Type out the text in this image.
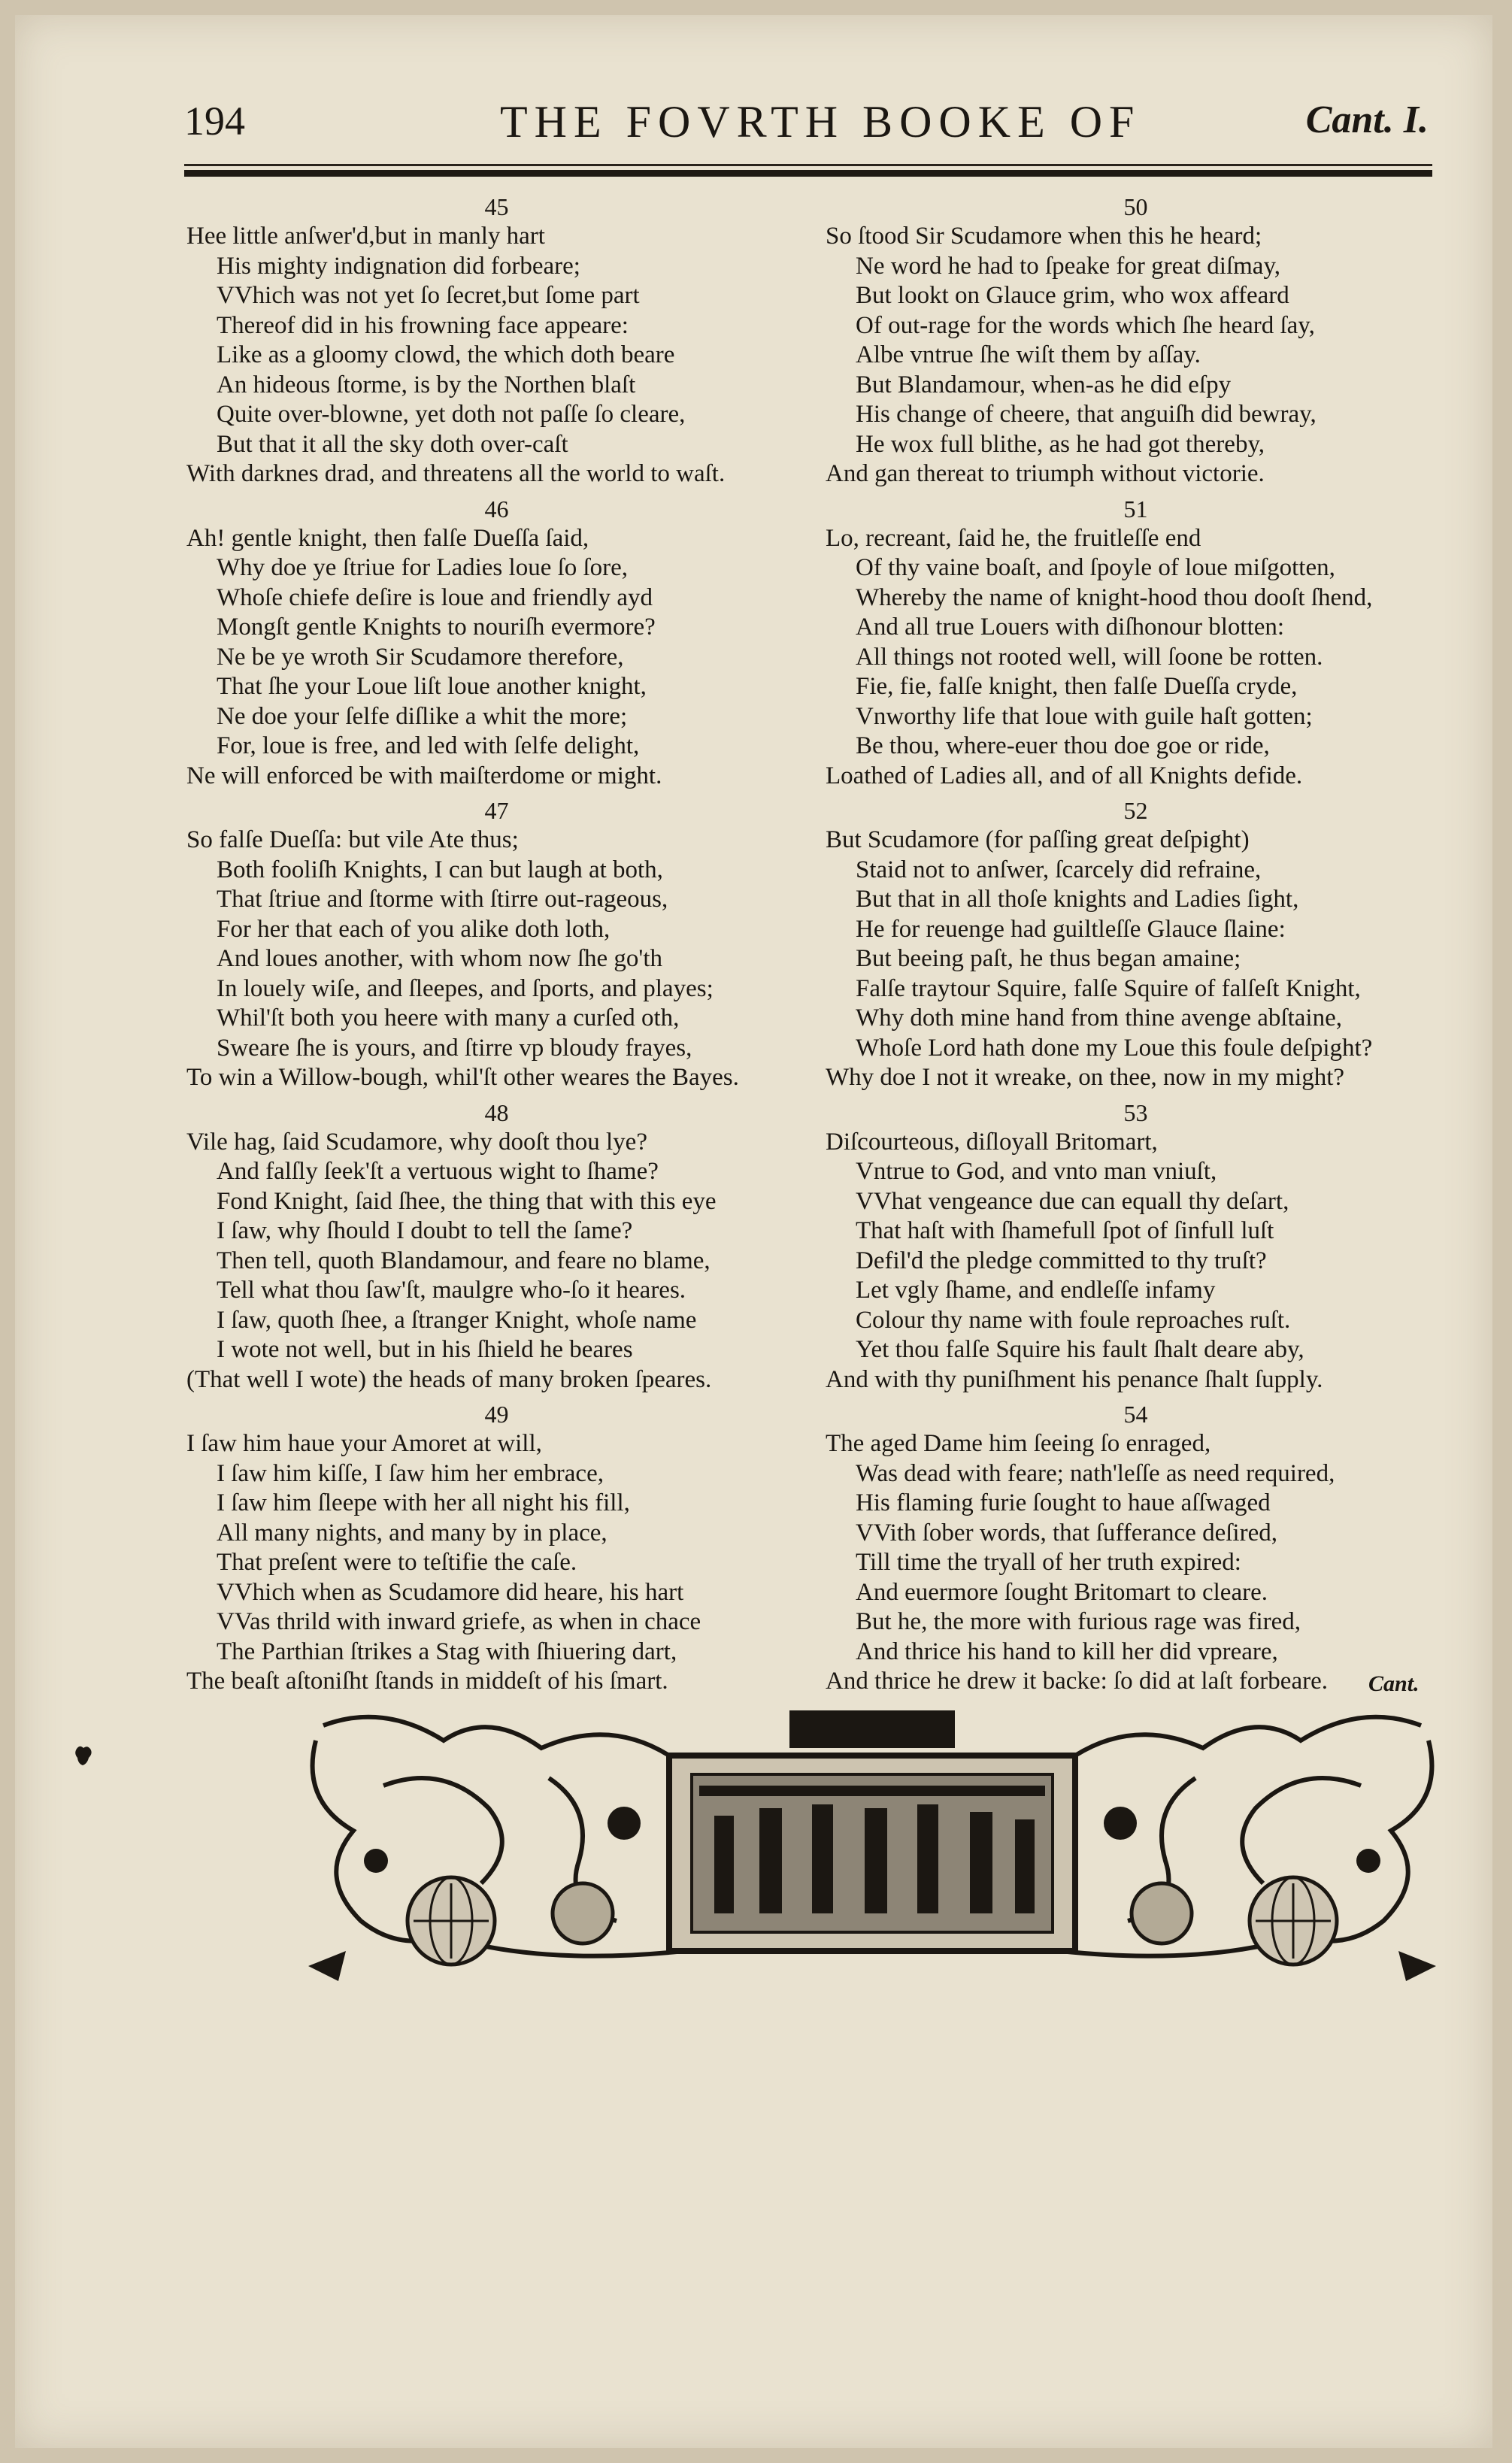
194	THE FOVRTH BOOKE OF	Cant. I.
45
Hee little anſwer'd,but in manly hart
His mighty indignation did forbeare;
VVhich was not yet ſo ſecret,but ſome part
Thereof did in his frowning face appeare:
Like as a gloomy clowd, the which doth beare
An hideous ſtorme, is by the Northen blaſt
Quite over-blowne, yet doth not paſſe ſo cleare,
But that it all the sky doth over-caſt
With darknes drad, and threatens all the world to waſt.
46
Ah! gentle knight, then falſe Dueſſa ſaid,
Why doe ye ſtriue for Ladies loue ſo ſore,
Whoſe chiefe deſire is loue and friendly ayd
Mongſt gentle Knights to nouriſh evermore?
Ne be ye wroth Sir Scudamore therefore,
That ſhe your Loue liſt loue another knight,
Ne doe your ſelfe diſlike a whit the more;
For, loue is free, and led with ſelfe delight,
Ne will enforced be with maiſterdome or might.
47
So falſe Dueſſa: but vile Ate thus;
Both fooliſh Knights, I can but laugh at both,
That ſtriue and ſtorme with ſtirre out-rageous,
For her that each of you alike doth loth,
And loues another, with whom now ſhe go'th
In louely wiſe, and ſleepes, and ſports, and playes;
Whil'ſt both you heere with many a curſed oth,
Sweare ſhe is yours, and ſtirre vp bloudy frayes,
To win a Willow-bough, whil'ſt other weares the Bayes.
48
Vile hag, ſaid Scudamore, why dooſt thou lye?
And falſly ſeek'ſt a vertuous wight to ſhame?
Fond Knight, ſaid ſhee, the thing that with this eye
I ſaw, why ſhould I doubt to tell the ſame?
Then tell, quoth Blandamour, and feare no blame,
Tell what thou ſaw'ſt, maulgre who-ſo it heares.
I ſaw, quoth ſhee, a ſtranger Knight, whoſe name
I wote not well, but in his ſhield he beares
(That well I wote) the heads of many broken ſpeares.
49
I ſaw him haue your Amoret at will,
I ſaw him kiſſe, I ſaw him her embrace,
I ſaw him ſleepe with her all night his fill,
All many nights, and many by in place,
That preſent were to teſtifie the caſe.
VVhich when as Scudamore did heare, his hart
VVas thrild with inward griefe, as when in chace
The Parthian ſtrikes a Stag with ſhiuering dart,
The beaſt aſtoniſht ſtands in middeſt of his ſmart.
50
So ſtood Sir Scudamore when this he heard;
Ne word he had to ſpeake for great diſmay,
But lookt on Glauce grim, who wox affeard
Of out-rage for the words which ſhe heard ſay,
Albe vntrue ſhe wiſt them by aſſay.
But Blandamour, when-as he did eſpy
His change of cheere, that anguiſh did bewray,
He wox full blithe, as he had got thereby,
And gan thereat to triumph without victorie.
51
Lo, recreant, ſaid he, the fruitleſſe end
Of thy vaine boaſt, and ſpoyle of loue miſgotten,
Whereby the name of knight-hood thou dooſt ſhend,
And all true Louers with diſhonour blotten:
All things not rooted well, will ſoone be rotten.
Fie, fie, falſe knight, then falſe Dueſſa cryde,
Vnworthy life that loue with guile haſt gotten;
Be thou, where-euer thou doe goe or ride,
Loathed of Ladies all, and of all Knights defide.
52
But Scudamore (for paſſing great deſpight)
Staid not to anſwer, ſcarcely did refraine,
But that in all thoſe knights and Ladies ſight,
He for reuenge had guiltleſſe Glauce ſlaine:
But beeing paſt, he thus began amaine;
Falſe traytour Squire, falſe Squire of falſeſt Knight,
Why doth mine hand from thine avenge abſtaine,
Whoſe Lord hath done my Loue this foule deſpight?
Why doe I not it wreake, on thee, now in my might?
53
Diſcourteous, diſloyall Britomart,
Vntrue to God, and vnto man vniuſt,
VVhat vengeance due can equall thy deſart,
That haſt with ſhamefull ſpot of ſinfull luſt
Defil'd the pledge committed to thy truſt?
Let vgly ſhame, and endleſſe infamy
Colour thy name with foule reproaches ruſt.
Yet thou falſe Squire his fault ſhalt deare aby,
And with thy puniſhment his penance ſhalt ſupply.
54
The aged Dame him ſeeing ſo enraged,
Was dead with feare; nath'leſſe as need required,
His flaming furie ſought to haue aſſwaged
VVith ſober words, that ſufferance deſired,
Till time the tryall of her truth expired:
And euermore ſought Britomart to cleare.
But he, the more with furious rage was fired,
And thrice his hand to kill her did vpreare,
And thrice he drew it backe: ſo did at laſt forbeare.	Cant.
